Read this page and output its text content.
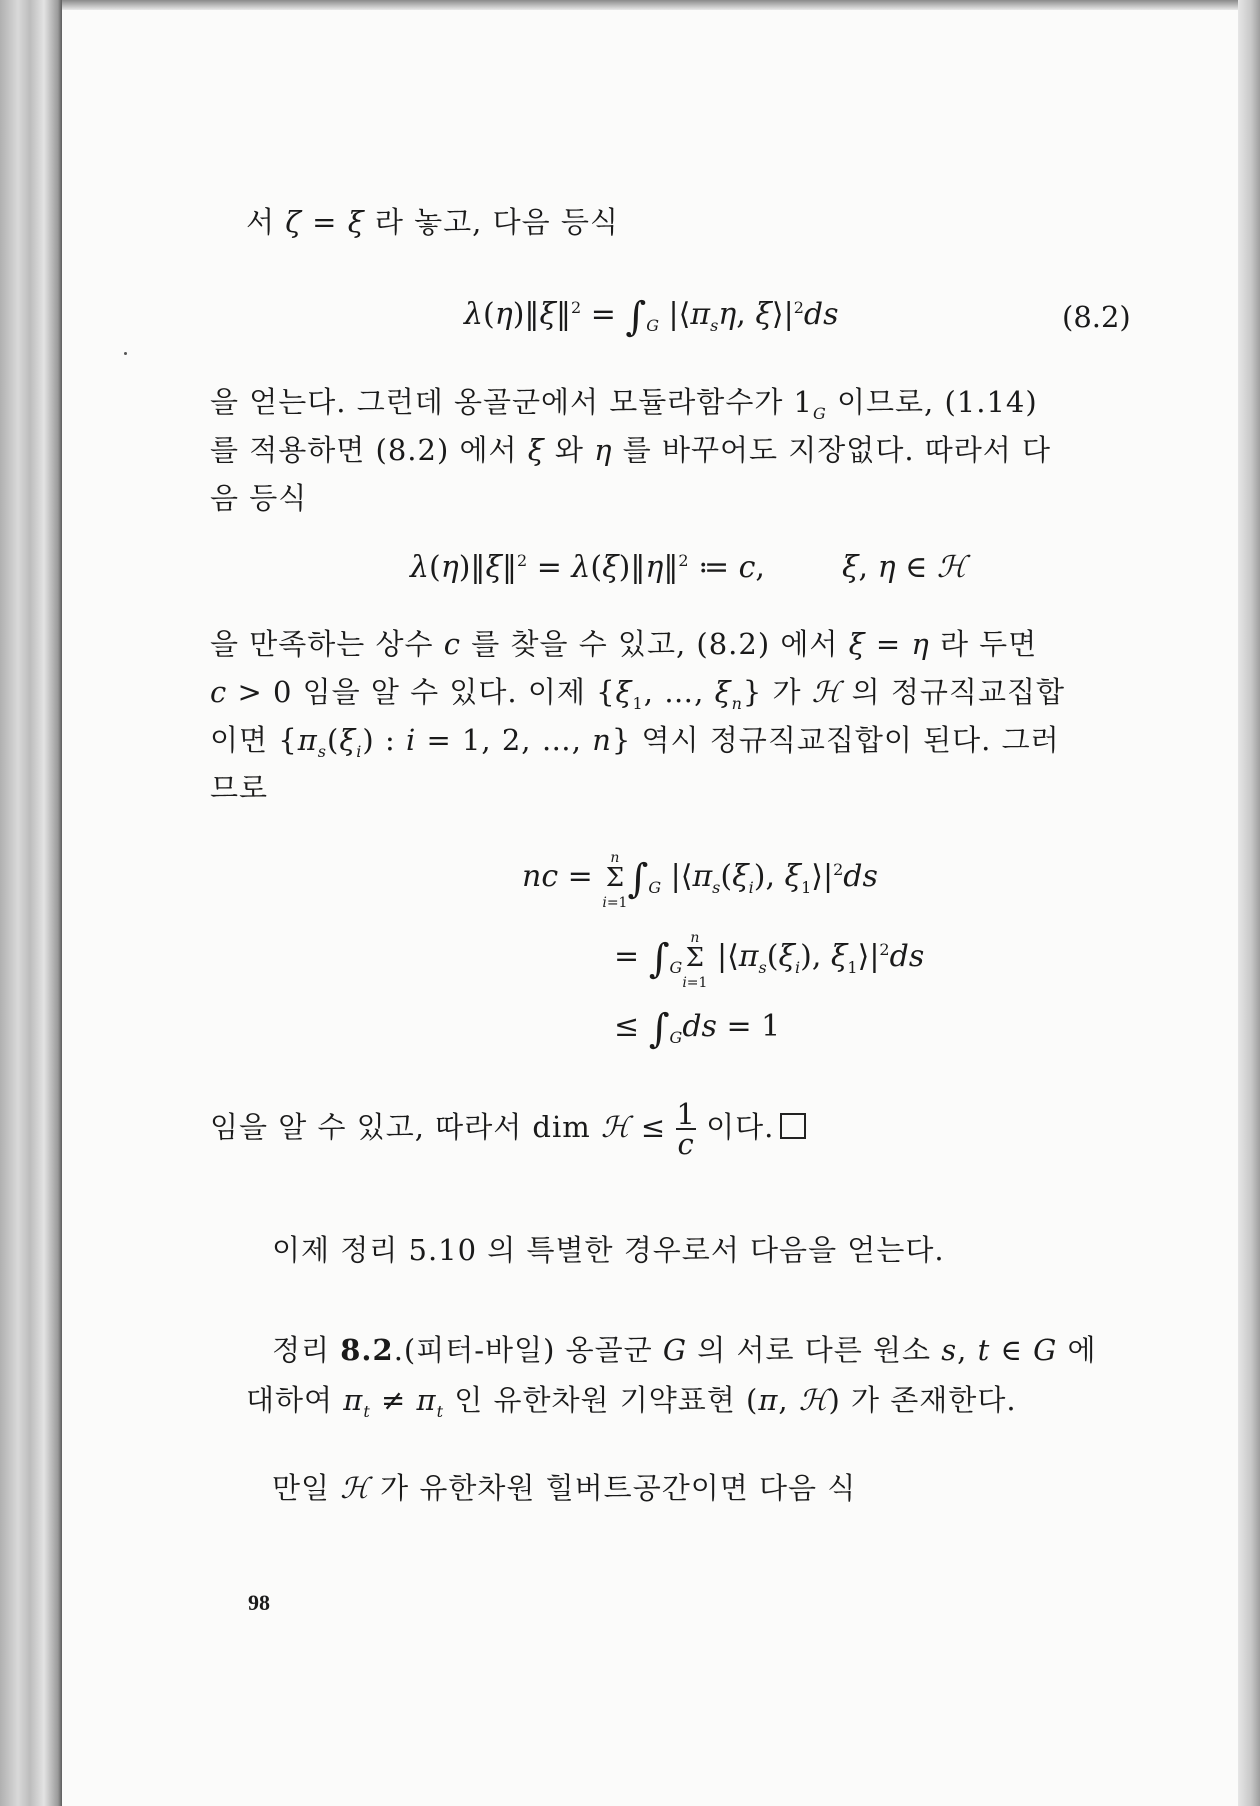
서 ζ = ξ 라 놓고, 다음 등식
λ(η)‖ξ‖$^2$ = $\int_G$ $|⟨\pi_s\eta$, $\xi⟩|^2ds$	(8.2)
을 얻는다. 그런데 옹골군에서 모듈라함수가 $1_G$ 이므로, (1.14)
를 적용하면 (8.2) 에서 ξ 와 η 를 바꾸어도 지장없다. 따라서 다
음 등식
λ(η)‖ξ‖$^2$ = λ(ξ)‖η‖$^2$ ≔ c,	ξ, η ∈ ℋ
을 만족하는 상수 c 를 찾을 수 있고, (8.2) 에서 ξ = η 라 두면
c > 0 임을 알 수 있다. 이제 {$\xi_1$, …, $\xi_n$} 가 ℋ 의 정규직교집합
이면 {$\pi_s(\xi_i)$ : i = 1, 2, …, n} 역시 정규직교집합이 된다. 그러
므로
nc = n
Σ
$i=1\int_G$ $|⟨\pi_s(\xi_i)$, $\xi_1⟩|^2ds$
= $\int_Gn$
Σ
i=1 $|⟨\pi_s(\xi_i)$, $\xi_1⟩|^2ds$
≤ $\int_Gds = 1$
임을 알 수 있고, 따라서 dim ℋ ≤ $\frac{1}{c}$ 이다.
이제 정리 5.10 의 특별한 경우로서 다음을 얻는다.
정리 8.2.(피터-바일) 옹골군 G 의 서로 다른 원소 s, t ∈ G 에
대하여 $\pi_t \ne \pi_t$ 인 유한차원 기약표현 (π, ℋ) 가 존재한다.
만일 ℋ 가 유한차원 힐버트공간이면 다음 식
98
